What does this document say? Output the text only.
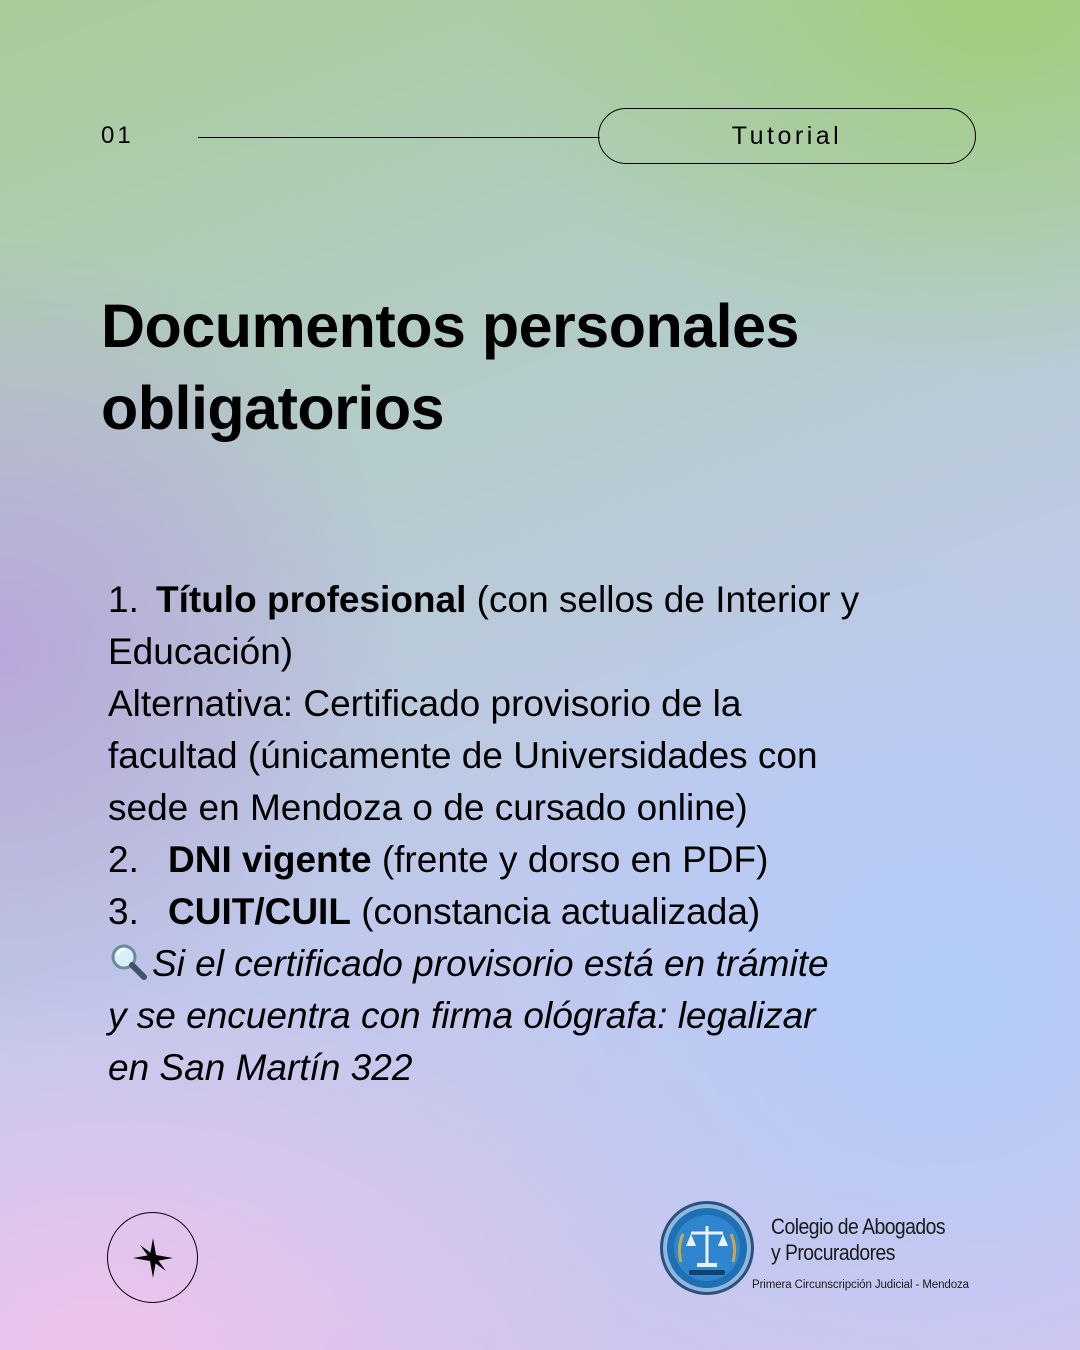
01	Tutorial
Documentos personales
obligatorios
1. Título profesional (con sellos de Interior y
Educación)
Alternativa: Certificado provisorio de la
facultad (únicamente de Universidades con
sede en Mendoza o de cursado online)
2. DNI vigente (frente y dorso en PDF)
3. CUIT/CUIL (constancia actualizada)
Si el certificado provisorio está en trámite
y se encuentra con firma ológrafa: legalizar
en San Martín 322
Colegio de Abogados
y Procuradores
Primera Circunscripción Judicial - Mendoza
